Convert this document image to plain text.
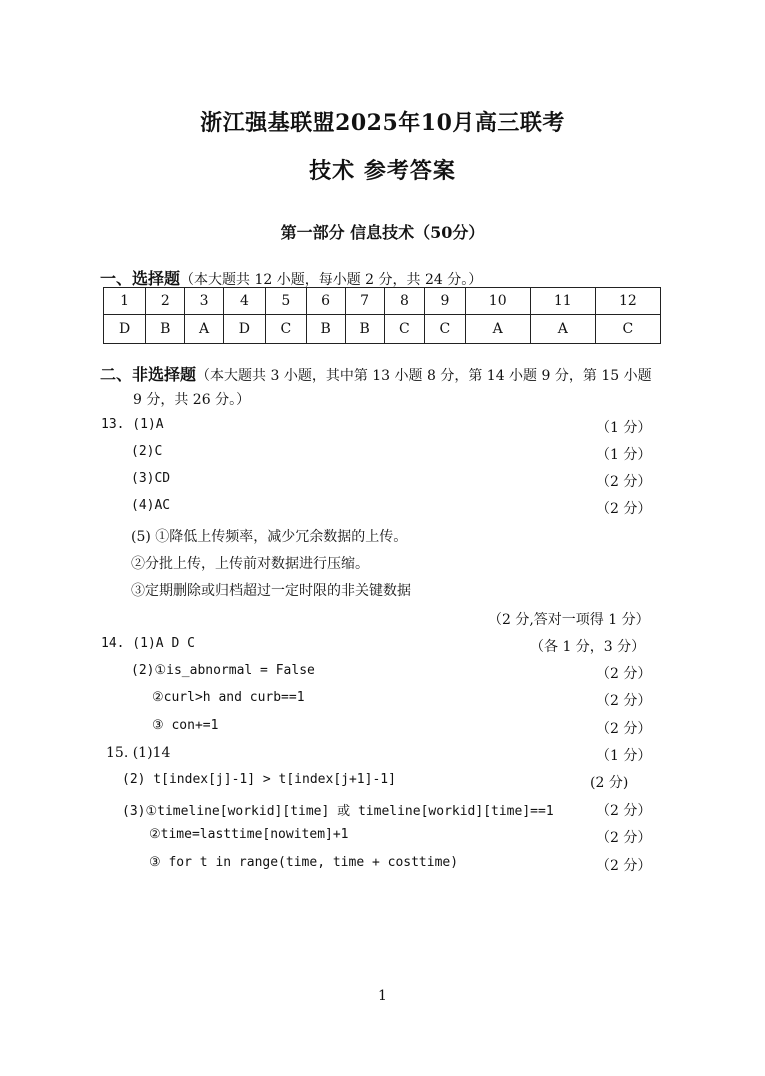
浙江强基联盟2025年10月高三联考
技术 参考答案
第一部分 信息技术（50分）
一、选择题（本大题共 12 小题，每小题 2 分，共 24 分。）
1	2	3	4	5	6	7	8	9	10	11	12
D	B	A	D	C	B	B	C	C	A	A	C
二、非选择题（本大题共 3 小题，其中第 13 小题 8 分，第 14 小题 9 分，第 15 小题
9 分，共 26 分。）
13. (1)A	（1 分）
(2)C	（1 分）
(3)CD	（2 分）
(4)AC	（2 分）
(5) ①降低上传频率，减少冗余数据的上传。
②分批上传，上传前对数据进行压缩。
③定期删除或归档超过一定时限的非关键数据
（2 分,答对一项得 1 分）
14. (1)A D C	（各 1 分，3 分）
(2)①is_abnormal = False	（2 分）
②curl>h and curb==1	（2 分）
③ con+=1	（2 分）
15. (1)14	（1 分）
(2) t[index[j]-1] > t[index[j+1]-1]	(2 分)
(3)①timeline[workid][time] 或 timeline[workid][time]==1	（2 分）
②time=lasttime[nowitem]+1	（2 分）
③ for t in range(time, time + costtime)	（2 分）
1
